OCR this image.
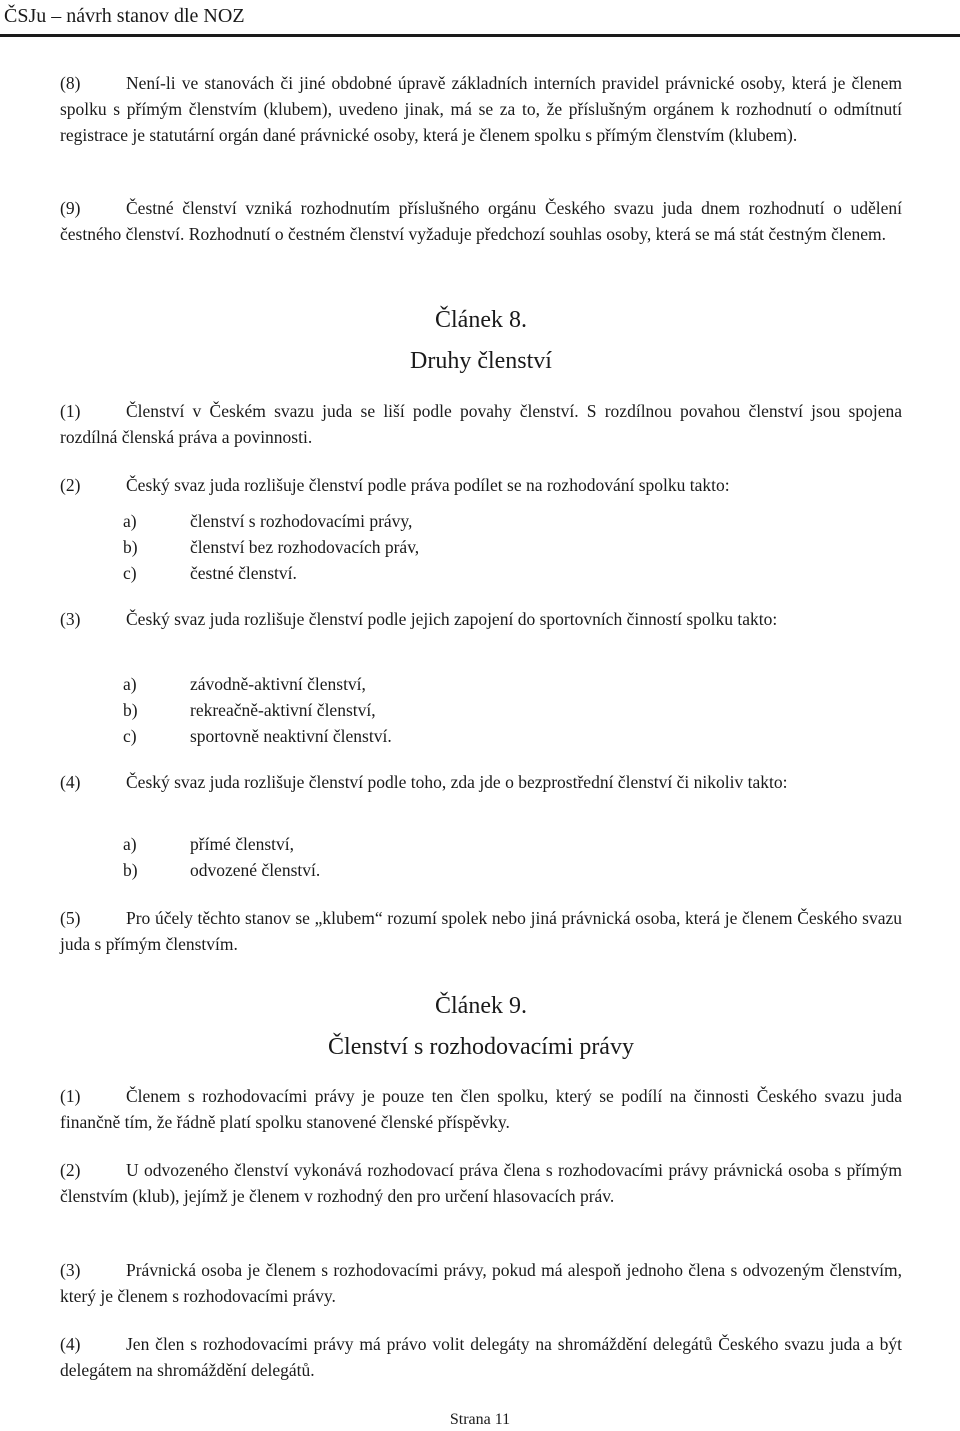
ČSJu – návrh stanov dle NOZ
(8)	Není-li ve stanovách či jiné obdobné úpravě základních interních pravidel právnické osoby, která je členem spolku s přímým členstvím (klubem), uvedeno jinak, má se za to, že příslušným orgánem k rozhodnutí o odmítnutí registrace je statutární orgán dané právnické osoby, která je členem spolku s přímým členstvím (klubem).
(9)	Čestné členství vzniká rozhodnutím příslušného orgánu Českého svazu juda dnem rozhodnutí o udělení čestného členství. Rozhodnutí o čestném členství vyžaduje předchozí souhlas osoby, která se má stát čestným členem.
Článek 8.
Druhy členství
(1)	Členství v Českém svazu juda se liší podle povahy členství. S rozdílnou povahou členství jsou spojena rozdílná členská práva a povinnosti.
(2)	Český svaz juda rozlišuje členství podle práva podílet se na rozhodování spolku takto:
a)	členství s rozhodovacími právy,
b)	členství bez rozhodovacích práv,
c)	čestné členství.
(3)	Český svaz juda rozlišuje členství podle jejich zapojení do sportovních činností spolku takto:
a)	závodně-aktivní členství,
b)	rekreačně-aktivní členství,
c)	sportovně neaktivní členství.
(4)	Český svaz juda rozlišuje členství podle toho, zda jde o bezprostřední členství či nikoliv takto:
a)	přímé členství,
b)	odvozené členství.
(5)	Pro účely těchto stanov se „klubem“ rozumí spolek nebo jiná právnická osoba, která je členem Českého svazu juda s přímým členstvím.
Článek 9.
Členství s rozhodovacími právy
(1)	Členem s rozhodovacími právy je pouze ten člen spolku, který se podílí na činnosti Českého svazu juda finančně tím, že řádně platí spolku stanovené členské příspěvky.
(2)	U odvozeného členství vykonává rozhodovací práva člena s rozhodovacími právy právnická osoba s přímým členstvím (klub), jejímž je členem v rozhodný den pro určení hlasovacích práv.
(3)	Právnická osoba je členem s rozhodovacími právy, pokud má alespoň jednoho člena s odvozeným členstvím, který je členem s rozhodovacími právy.
(4)	Jen člen s rozhodovacími právy má právo volit delegáty na shromáždění delegátů Českého svazu juda a být delegátem na shromáždění delegátů.
Strana 11
